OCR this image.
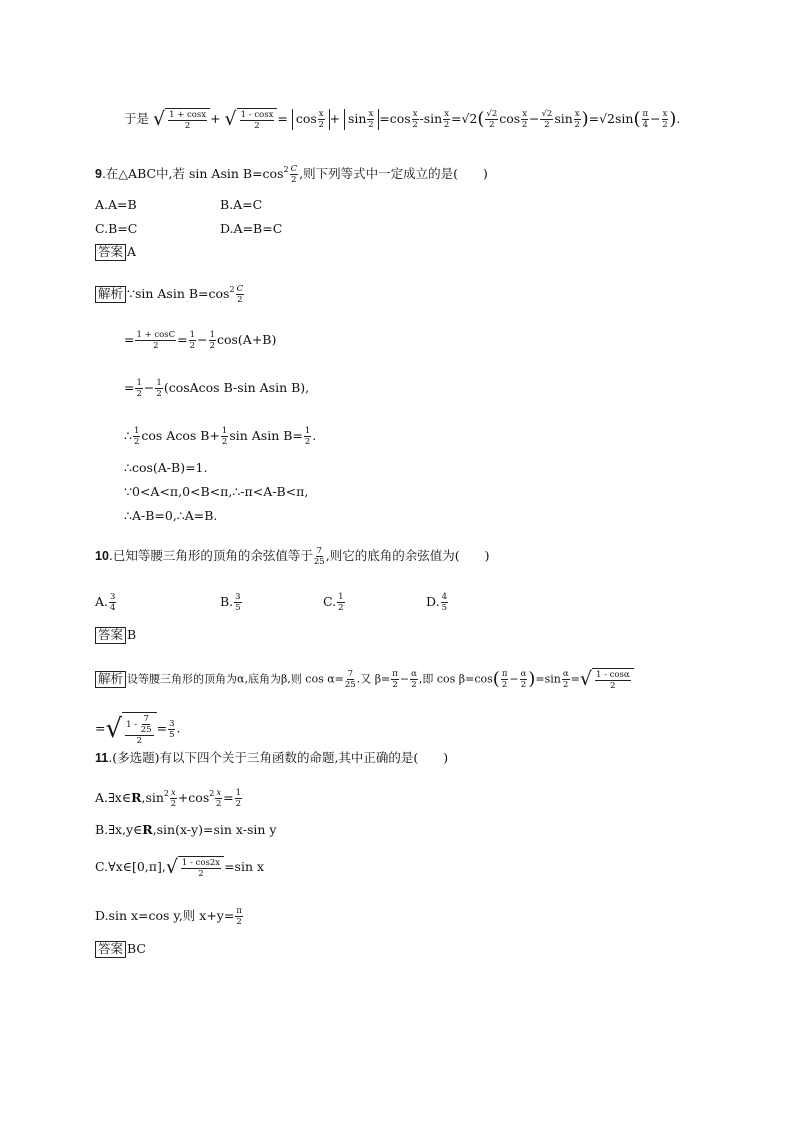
于是 √ 1 + cosx
2 + √ 1 - cosx
$2 = \cos \frac{x}{2} + \sin \frac{x}{2} =\cos \frac{x}{2} -\sin \frac{x}{2} =√2( \frac{√2}{2}$ $\cos \frac{x}{2} - \frac{√2}{2}$ $\sin \frac{x}{2} )=√2\sin( \frac{\pi}{4} - \frac{x}{2}$ ).
9.在△ABC中,若 sin Asin $B=\cos^2 \frac{C}{2}$ ,则下列等式中一定成立的是(　　)
A.A=B	B.A=C
C.B=C	D.A=B=C
答案 A
解析 ∵sin Asin $B=\cos^2 \frac{C}{2}$
= $\frac{1 + \cos C}{2} = \frac{1}{2} - \frac{1}{2} \cos(A+B)$
= $\frac{1}{2} - \frac{1}{2}$ (cosAcos B-sin Asin B),
∴ $\frac{1}{2}$ cos Acos $B+ \frac{1}{2}$ sin Asin $B= \frac{1}{2}$ .
∴cos(A-B)=1.
∵0<A<π,0<B<π,∴-π<A-B<π,
∴A-B=0,∴A=B.
10.已知等腰三角形的顶角的余弦值等于 $\frac{7}{25}$ ,则它的底角的余弦值为(　　)
A. $\frac{3}{4}$	B. $\frac{3}{5}$	C. $\frac{1}{2}$	D. $\frac{4}{5}$
答案 B
解析 设等腰三角形的顶角为α,底角为β,则 $\cos \alpha= \frac{7}{25}$ .又 $\beta= \frac{\pi}{2} - \frac{\alpha}{2}$ ,即 $\cos \beta=\cos( \frac{\pi}{2} - \frac{\alpha}{2} )=\sin \frac{\alpha}{2}$ = √ 1 - cosα
2
= √ $1 - \frac{7}{25}$
2
= $\frac{3}{5}$ .
11.(多选题)有以下四个关于三角函数的命题,其中正确的是(　　)
$A.\exists x\in R,\sin^2 \frac{x}{2} +\cos^2 \frac{x}{2} = \frac{1}{2}$
B.∃x,y∈R,sin(x-y)=sin x-sin y
C.∀x∈[0,π], √ 1 - cos2x
2 =sin x
D.sin x=cos y,则 $x+y= \frac{\pi}{2}$
答案 BC
